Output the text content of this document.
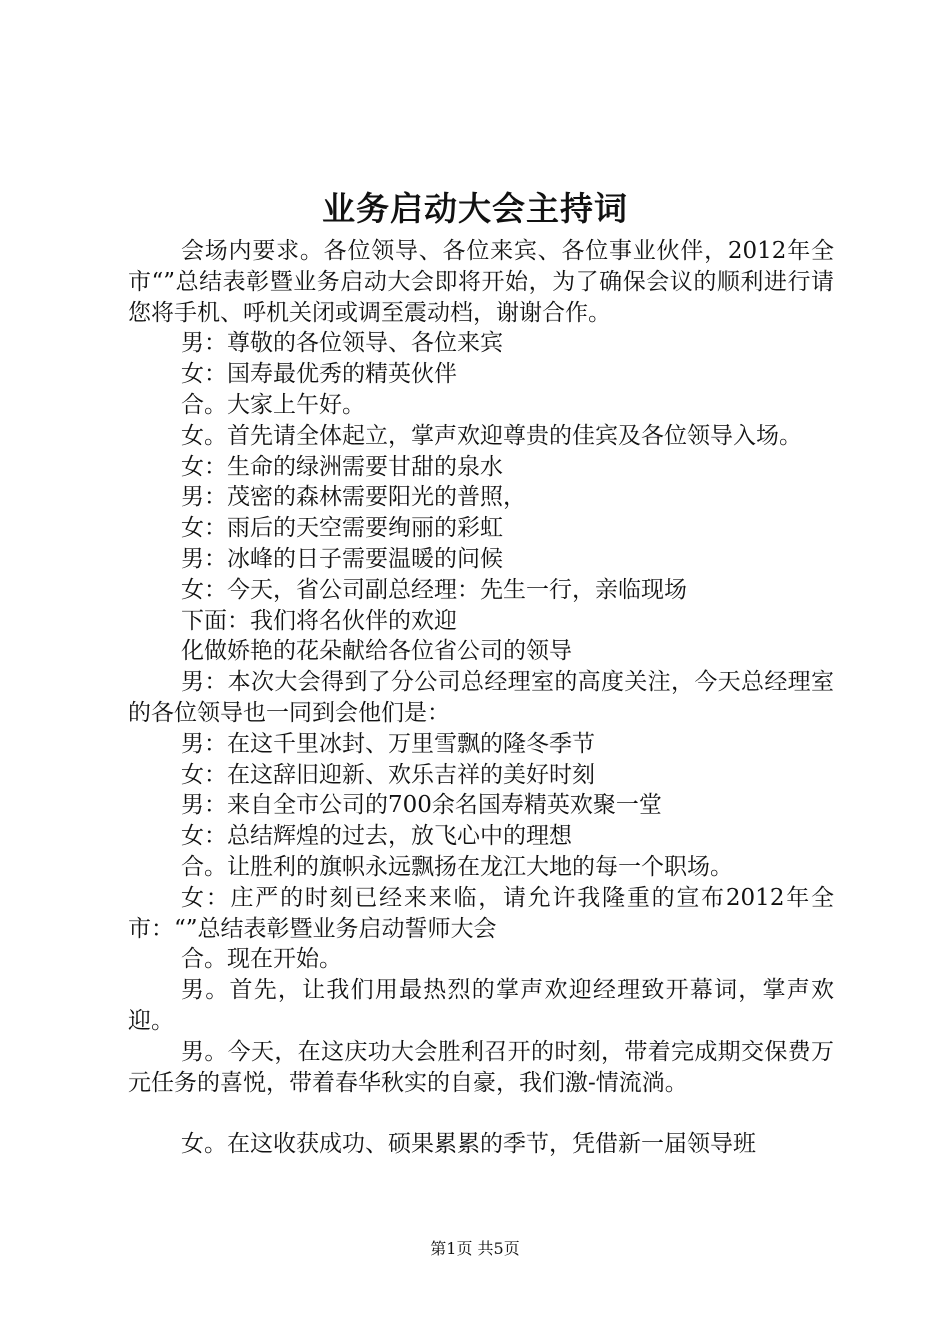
业务启动大会主持词

会场内要求。各位领导、各位来宾、各位事业伙伴，2012年全市“”总结表彰暨业务启动大会即将开始，为了确保会议的顺利进行请您将手机、呼机关闭或调至震动档，谢谢合作。

男：尊敬的各位领导、各位来宾

女：国寿最优秀的精英伙伴

合。大家上午好。

女。首先请全体起立，掌声欢迎尊贵的佳宾及各位领导入场。

女：生命的绿洲需要甘甜的泉水

男：茂密的森林需要阳光的普照，

女：雨后的天空需要绚丽的彩虹

男：冰峰的日子需要温暖的问候

女：今天，省公司副总经理：先生一行，亲临现场

下面：我们将名伙伴的欢迎

化做娇艳的花朵献给各位省公司的领导

男：本次大会得到了分公司总经理室的高度关注，今天总经理室的各位领导也一同到会他们是：

男：在这千里冰封、万里雪飘的隆冬季节

女：在这辞旧迎新、欢乐吉祥的美好时刻

男：来自全市公司的700余名国寿精英欢聚一堂

女：总结辉煌的过去，放飞心中的理想

合。让胜利的旗帜永远飘扬在龙江大地的每一个职场。

女：庄严的时刻已经来来临，请允许我隆重的宣布2012年全市：“”总结表彰暨业务启动誓师大会

合。现在开始。

男。首先，让我们用最热烈的掌声欢迎经理致开幕词，掌声欢迎。

男。今天，在这庆功大会胜利召开的时刻，带着完成期交保费万元任务的喜悦，带着春华秋实的自豪，我们激-情流淌。

女。在这收获成功、硕果累累的季节，凭借新一届领导班

第1页 共5页
